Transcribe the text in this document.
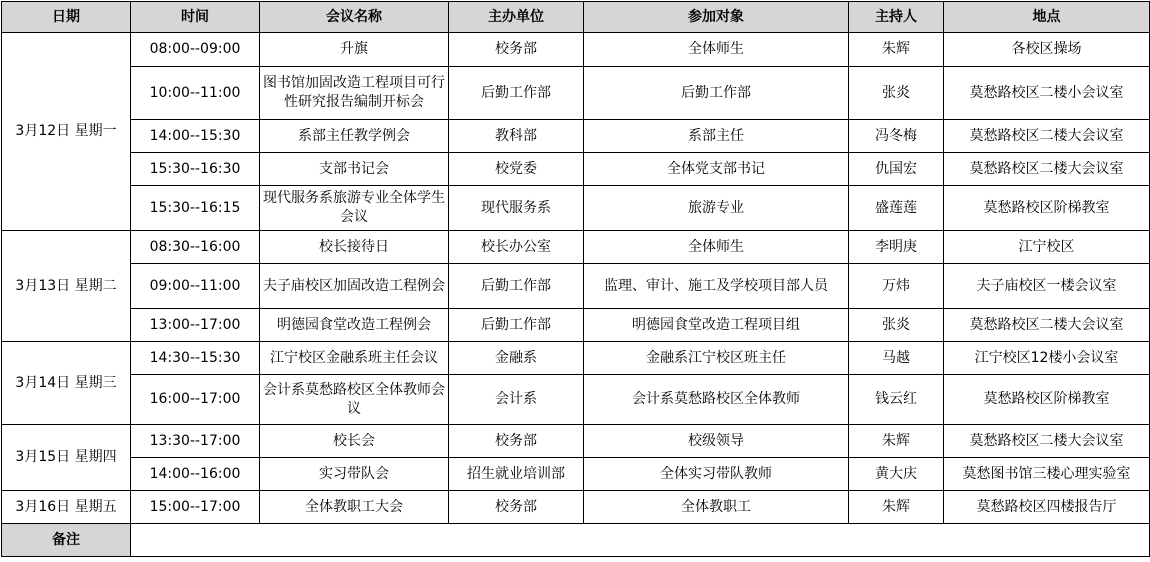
日期	时间	会议名称	主办单位	参加对象	主持人	地点
3月12日 星期一	08:00--09:00	升旗	校务部	全体师生	朱辉	各校区操场
	10:00--11:00	图书馆加固改造工程项目可行性研究报告编制开标会	后勤工作部	后勤工作部	张炎	莫愁路校区二楼小会议室
	14:00--15:30	系部主任教学例会	教科部	系部主任	冯冬梅	莫愁路校区二楼大会议室
	15:30--16:30	支部书记会	校党委	全体党支部书记	仇国宏	莫愁路校区二楼大会议室
	15:30--16:15	现代服务系旅游专业全体学生会议	现代服务系	旅游专业	盛莲莲	莫愁路校区阶梯教室
3月13日 星期二	08:30--16:00	校长接待日	校长办公室	全体师生	李明庚	江宁校区
	09:00--11:00	夫子庙校区加固改造工程例会	后勤工作部	监理、审计、施工及学校项目部人员	万炜	夫子庙校区一楼会议室
	13:00--17:00	明德园食堂改造工程例会	后勤工作部	明德园食堂改造工程项目组	张炎	莫愁路校区二楼大会议室
3月14日 星期三	14:30--15:30	江宁校区金融系班主任会议	金融系	金融系江宁校区班主任	马越	江宁校区12楼小会议室
	16:00--17:00	会计系莫愁路校区全体教师会议	会计系	会计系莫愁路校区全体教师	钱云红	莫愁路校区阶梯教室
3月15日 星期四	13:30--17:00	校长会	校务部	校级领导	朱辉	莫愁路校区二楼大会议室
	14:00--16:00	实习带队会	招生就业培训部	全体实习带队教师	黄大庆	莫愁图书馆三楼心理实验室
3月16日 星期五	15:00--17:00	全体教职工大会	校务部	全体教职工	朱辉	莫愁路校区四楼报告厅
备注						
